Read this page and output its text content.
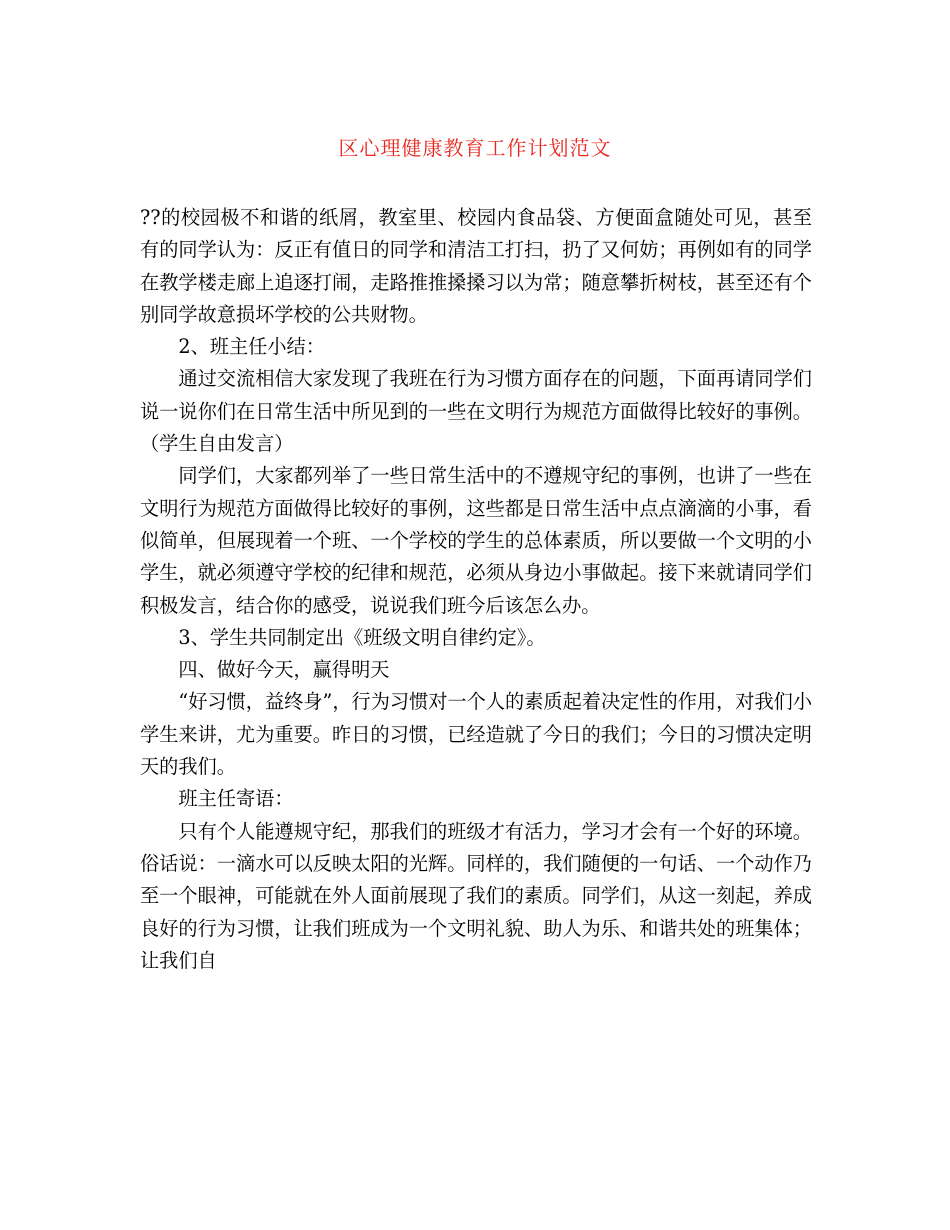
区心理健康教育工作计划范文

??的校园极不和谐的纸屑，教室里、校园内食品袋、方便面盒随处可见，甚至有的同学认为：反正有值日的同学和清洁工打扫，扔了又何妨；再例如有的同学在教学楼走廊上追逐打闹，走路推推搡搡习以为常；随意攀折树枝，甚至还有个别同学故意损坏学校的公共财物。

2、班主任小结：

通过交流相信大家发现了我班在行为习惯方面存在的问题，下面再请同学们说一说你们在日常生活中所见到的一些在文明行为规范方面做得比较好的事例。（学生自由发言）

同学们，大家都列举了一些日常生活中的不遵规守纪的事例，也讲了一些在文明行为规范方面做得比较好的事例，这些都是日常生活中点点滴滴的小事，看似简单，但展现着一个班、一个学校的学生的总体素质，所以要做一个文明的小学生，就必须遵守学校的纪律和规范，必须从身边小事做起。接下来就请同学们积极发言，结合你的感受，说说我们班今后该怎么办。

3、学生共同制定出《班级文明自律约定》。

四、做好今天，赢得明天

“好习惯，益终身”，行为习惯对一个人的素质起着决定性的作用，对我们小学生来讲，尤为重要。昨日的习惯，已经造就了今日的我们；今日的习惯决定明天的我们。

班主任寄语：

只有个人能遵规守纪，那我们的班级才有活力，学习才会有一个好的环境。俗话说：一滴水可以反映太阳的光辉。同样的，我们随便的一句话、一个动作乃至一个眼神，可能就在外人面前展现了我们的素质。同学们，从这一刻起，养成良好的行为习惯，让我们班成为一个文明礼貌、助人为乐、和谐共处的班集体；让我们自
